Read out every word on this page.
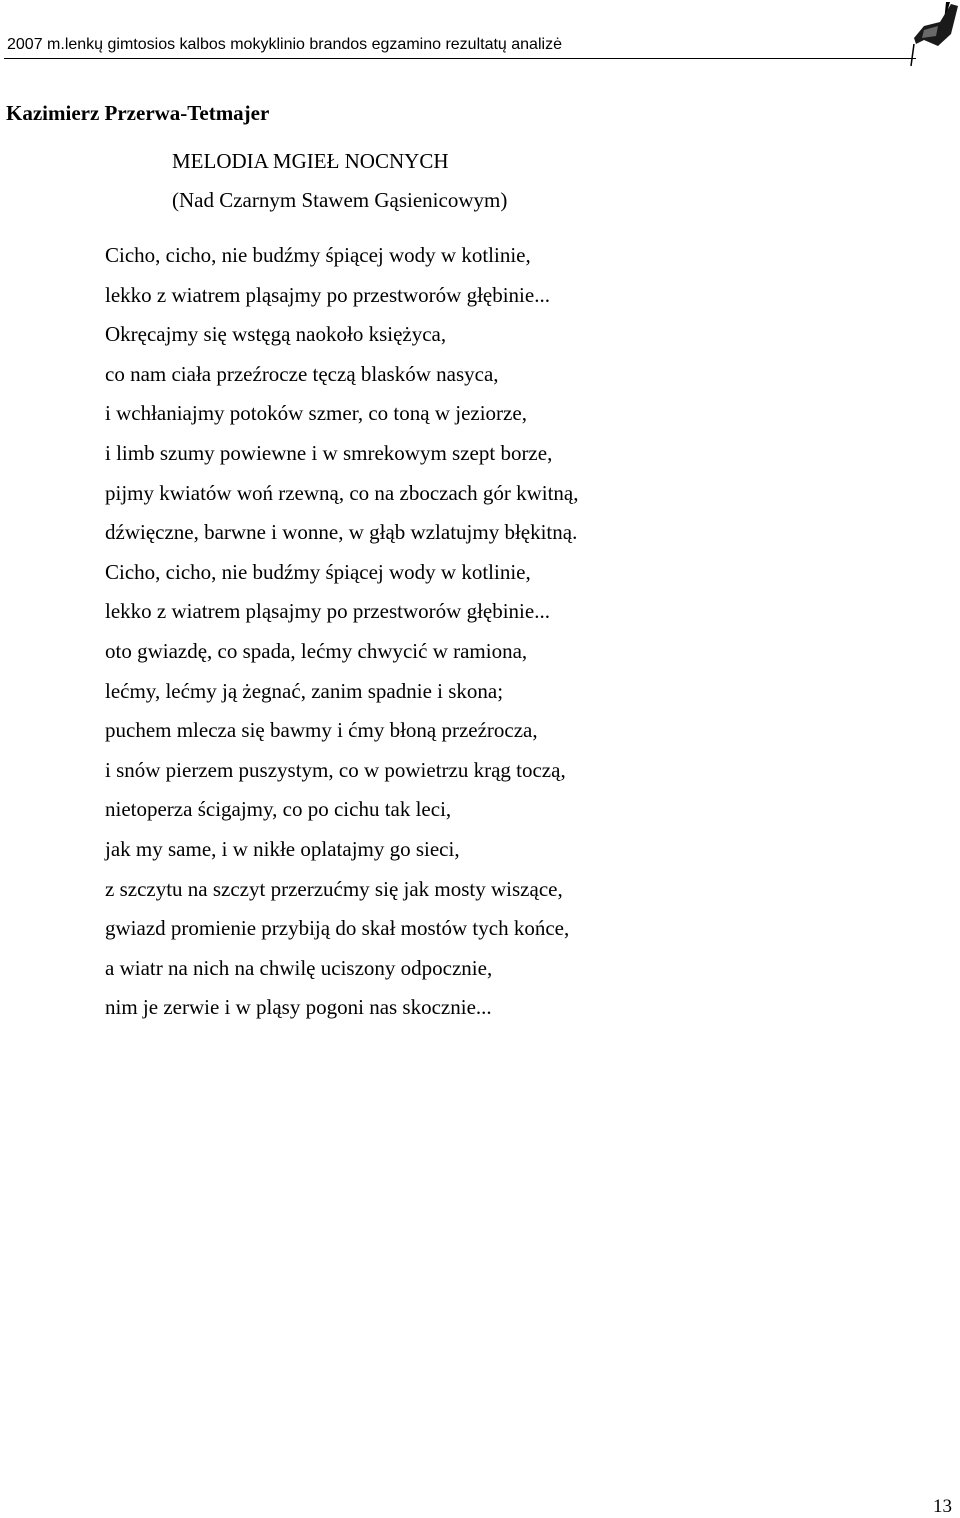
2007 m.lenkų gimtosios kalbos mokyklinio brandos egzamino rezultatų analizė
Kazimierz Przerwa-Tetmajer
MELODIA MGIEŁ NOCNYCH
(Nad Czarnym Stawem Gąsienicowym)
Cicho, cicho, nie budźmy śpiącej wody w kotlinie,
lekko z wiatrem pląsajmy po przestworów głębinie...
Okręcajmy się wstęgą naokoło księżyca,
co nam ciała przeźrocze tęczą blasków nasyca,
i wchłaniajmy potoków szmer, co toną w jeziorze,
i limb szumy powiewne i w smrekowym szept borze,
pijmy kwiatów woń rzewną, co na zboczach gór kwitną,
dźwięczne, barwne i wonne, w głąb wzlatujmy błękitną.
Cicho, cicho, nie budźmy śpiącej wody w kotlinie,
lekko z wiatrem pląsajmy po przestworów głębinie...
oto gwiazdę, co spada, lećmy chwycić w ramiona,
lećmy, lećmy ją żegnać, zanim spadnie i skona;
puchem mlecza się bawmy i ćmy błoną przeźrocza,
i snów pierzem puszystym, co w powietrzu krąg toczą,
nietoperza ścigajmy, co po cichu tak leci,
jak my same, i w nikłe oplatajmy go sieci,
z szczytu na szczyt przerzućmy się jak mosty wiszące,
gwiazd promienie przybiją do skał mostów tych końce,
a wiatr na nich na chwilę uciszony odpocznie,
nim je zerwie i w pląsy pogoni nas skocznie...
13
